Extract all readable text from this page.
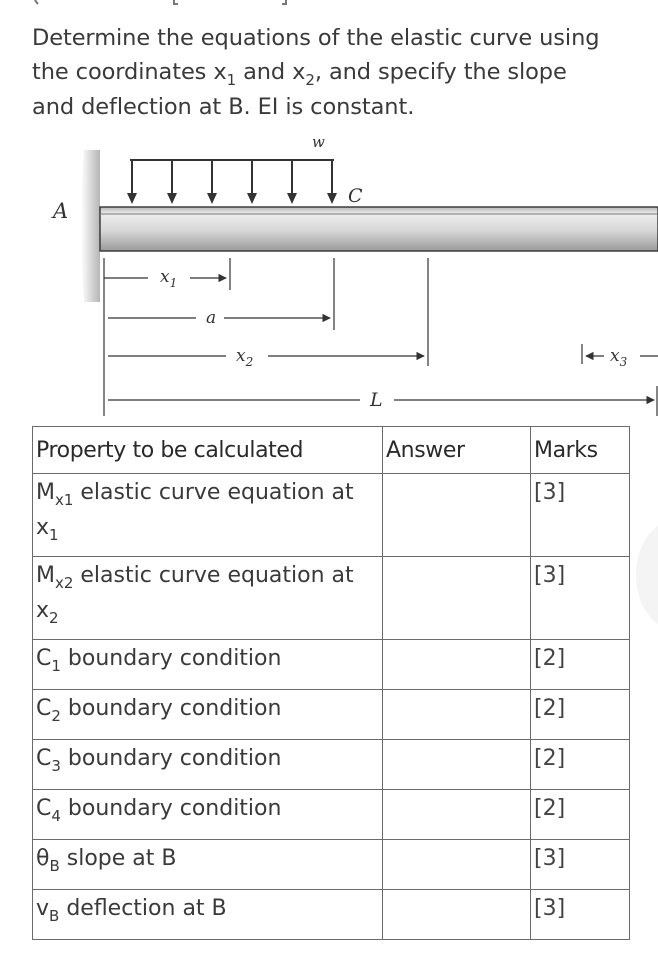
Determine the equations of the elastic curve using

the coordinates $x_1$ and $x_2$, and specify the slope

and deflection at B. EI is constant.

w
A
C
$x_1$
a
$x_2$	$x_3$
L
Property to be calculated	Answer	Marks
$M_{x1}$ elastic curve equation at
$x_1$		[3]
$M_{x2}$ elastic curve equation at
$x_2$		[3]
$C_1$ boundary condition		[2]
$C_2$ boundary condition		[2]
$C_3$ boundary condition		[2]
$C_4$ boundary condition		[2]
$\theta_B$ slope at B		[3]
$v_B$ deflection at B		[3]
